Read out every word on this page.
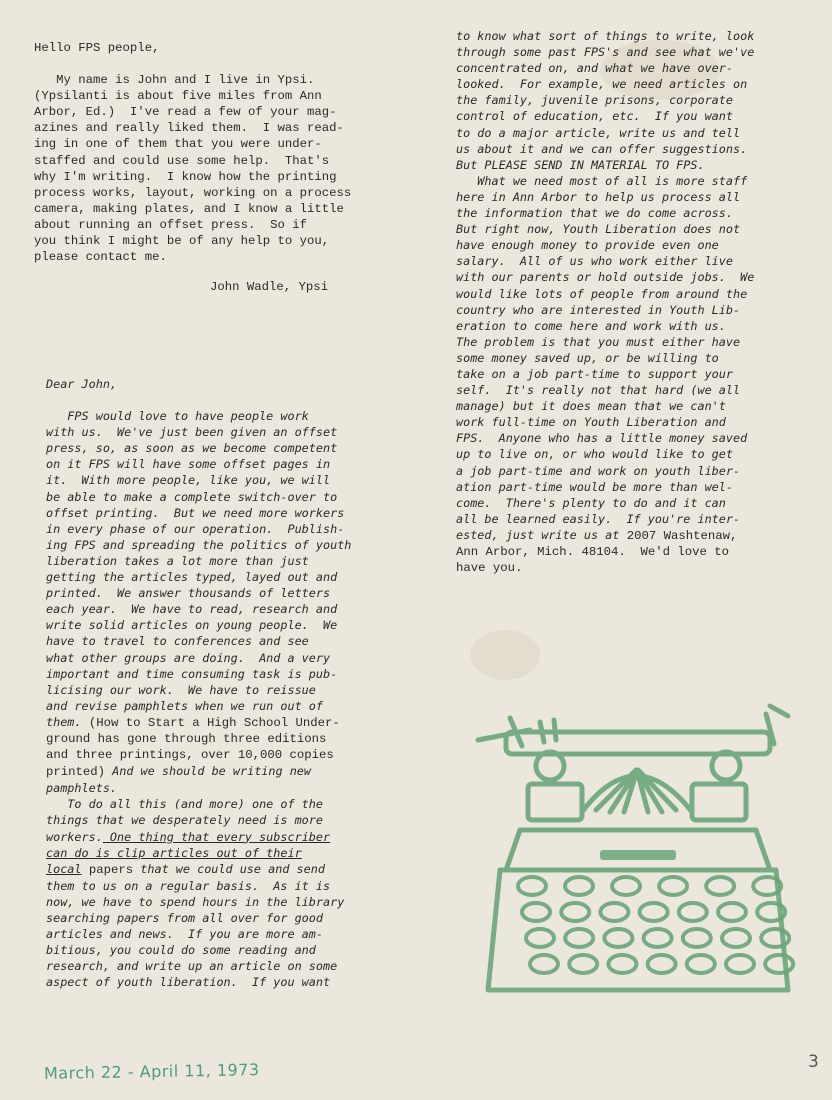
Hello FPS people,

My name is John and I live in Ypsi.

(Ypsilanti is about five miles from Ann

Arbor, Ed.)  I've read a few of your mag-

azines and really liked them.  I was read-

ing in one of them that you were under-

staffed and could use some help.  That's

why I'm writing.  I know how the printing

process works, layout, working on a process

camera, making plates, and I know a little

about running an offset press.  So if

you think I might be of any help to you,

please contact me.

John Wadle, Ypsi

Dear John,

FPS would love to have people work

with us.  We've just been given an offset

press, so, as soon as we become competent

on it FPS will have some offset pages in

it.  With more people, like you, we will

be able to make a complete switch-over to

offset printing.  But we need more workers

in every phase of our operation.  Publish-

ing FPS and spreading the politics of youth

liberation takes a lot more than just

getting the articles typed, layed out and

printed.  We answer thousands of letters

each year.  We have to read, research and

write solid articles on young people.  We

have to travel to conferences and see

what other groups are doing.  And a very

important and time consuming task is pub-

licising our work.  We have to reissue

and revise pamphlets when we run out of

them. (How to Start a High School Under-

ground has gone through three editions

and three printings, over 10,000 copies

printed) And we should be writing new

pamphlets.

To do all this (and more) one of the

things that we desperately need is more

workers. One thing that every subscriber

can do is clip articles out of their

local papers that we could use and send

them to us on a regular basis.  As it is

now, we have to spend hours in the library

searching papers from all over for good

articles and news.  If you are more am-

bitious, you could do some reading and

research, and write up an article on some

aspect of youth liberation.  If you want

to know what sort of things to write, look

through some past FPS's and see what we've

concentrated on, and what we have over-

looked.  For example, we need articles on

the family, juvenile prisons, corporate

control of education, etc.  If you want

to do a major article, write us and tell

us about it and we can offer suggestions.

But PLEASE SEND IN MATERIAL TO FPS.

What we need most of all is more staff

here in Ann Arbor to help us process all

the information that we do come across.

But right now, Youth Liberation does not

have enough money to provide even one

salary.  All of us who work either live

with our parents or hold outside jobs.  We

would like lots of people from around the

country who are interested in Youth Lib-

eration to come here and work with us.

The problem is that you must either have

some money saved up, or be willing to

take on a job part-time to support your

self.  It's really not that hard (we all

manage) but it does mean that we can't

work full-time on Youth Liberation and

FPS.  Anyone who has a little money saved

up to live on, or who would like to get

a job part-time and work on youth liber-

ation part-time would be more than wel-

come.  There's plenty to do and it can

all be learned easily.  If you're inter-

ested, just write us at 2007 Washtenaw,

Ann Arbor, Mich. 48104.  We'd love to

have you.

March 22 - April 11, 1973	3
